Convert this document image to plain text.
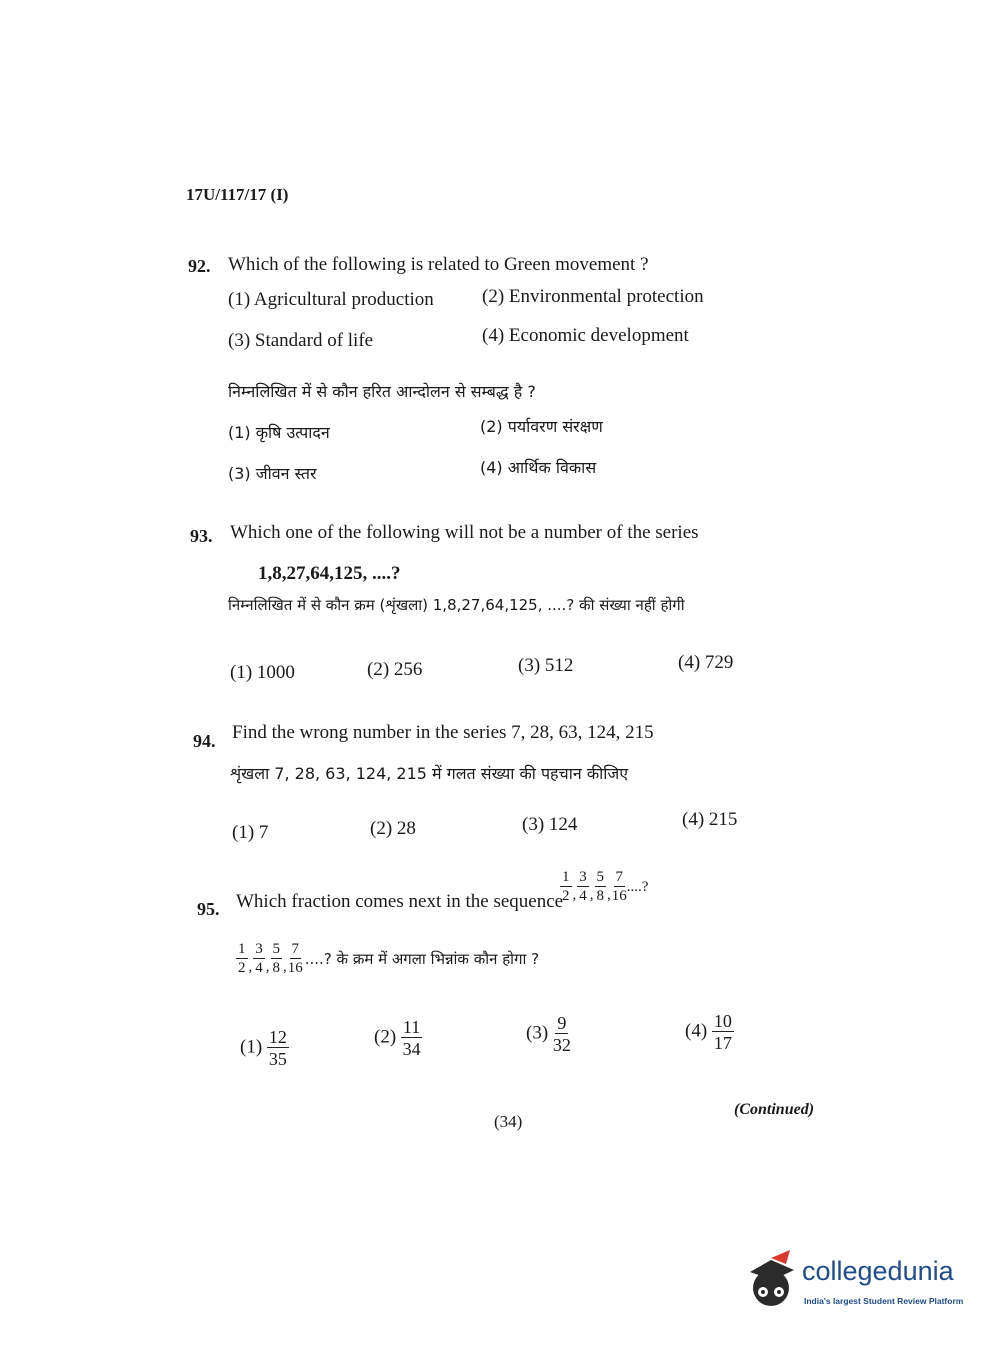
17U/117/17 (I)
92. Which of the following is related to Green movement ?
(1) Agricultural production	(2) Environmental protection
(3) Standard of life	(4) Economic development
निम्नलिखित में से कौन हरित आन्दोलन से सम्बद्ध है ?
(1) कृषि उत्पादन	(2) पर्यावरण संरक्षण
(3) जीवन स्तर	(4) आर्थिक विकास
93. Which one of the following will not be a number of the series
1,8,27,64,125, ....?
निम्नलिखित में से कौन क्रम (शृंखला) 1,8,27,64,125, ....? की संख्या नहीं होगी
(1) 1000	(2) 256	(3) 512	(4) 729
94. Find the wrong number in the series 7, 28, 63, 124, 215
शृंखला 7, 28, 63, 124, 215 में गलत संख्या की पहचान कीजिए
(1) 7	(2) 28	(3) 124	(4) 215
95. Which fraction comes next in the sequence
1
2 ,
3
4 ,
5
8 ,
7
16
....?
1
2 ,
3
4 ,
5
8 ,
7
16 ....? के क्रम में अगला भिन्नांक कौन होगा ?
$(1) \frac{12}{35}$	$(2) \frac{11}{34}$	$(3) \frac{9}{32}$	$(4) \frac{10}{17}$
(34)
(Continued)
collegedunia
India's largest Student Review Platform
